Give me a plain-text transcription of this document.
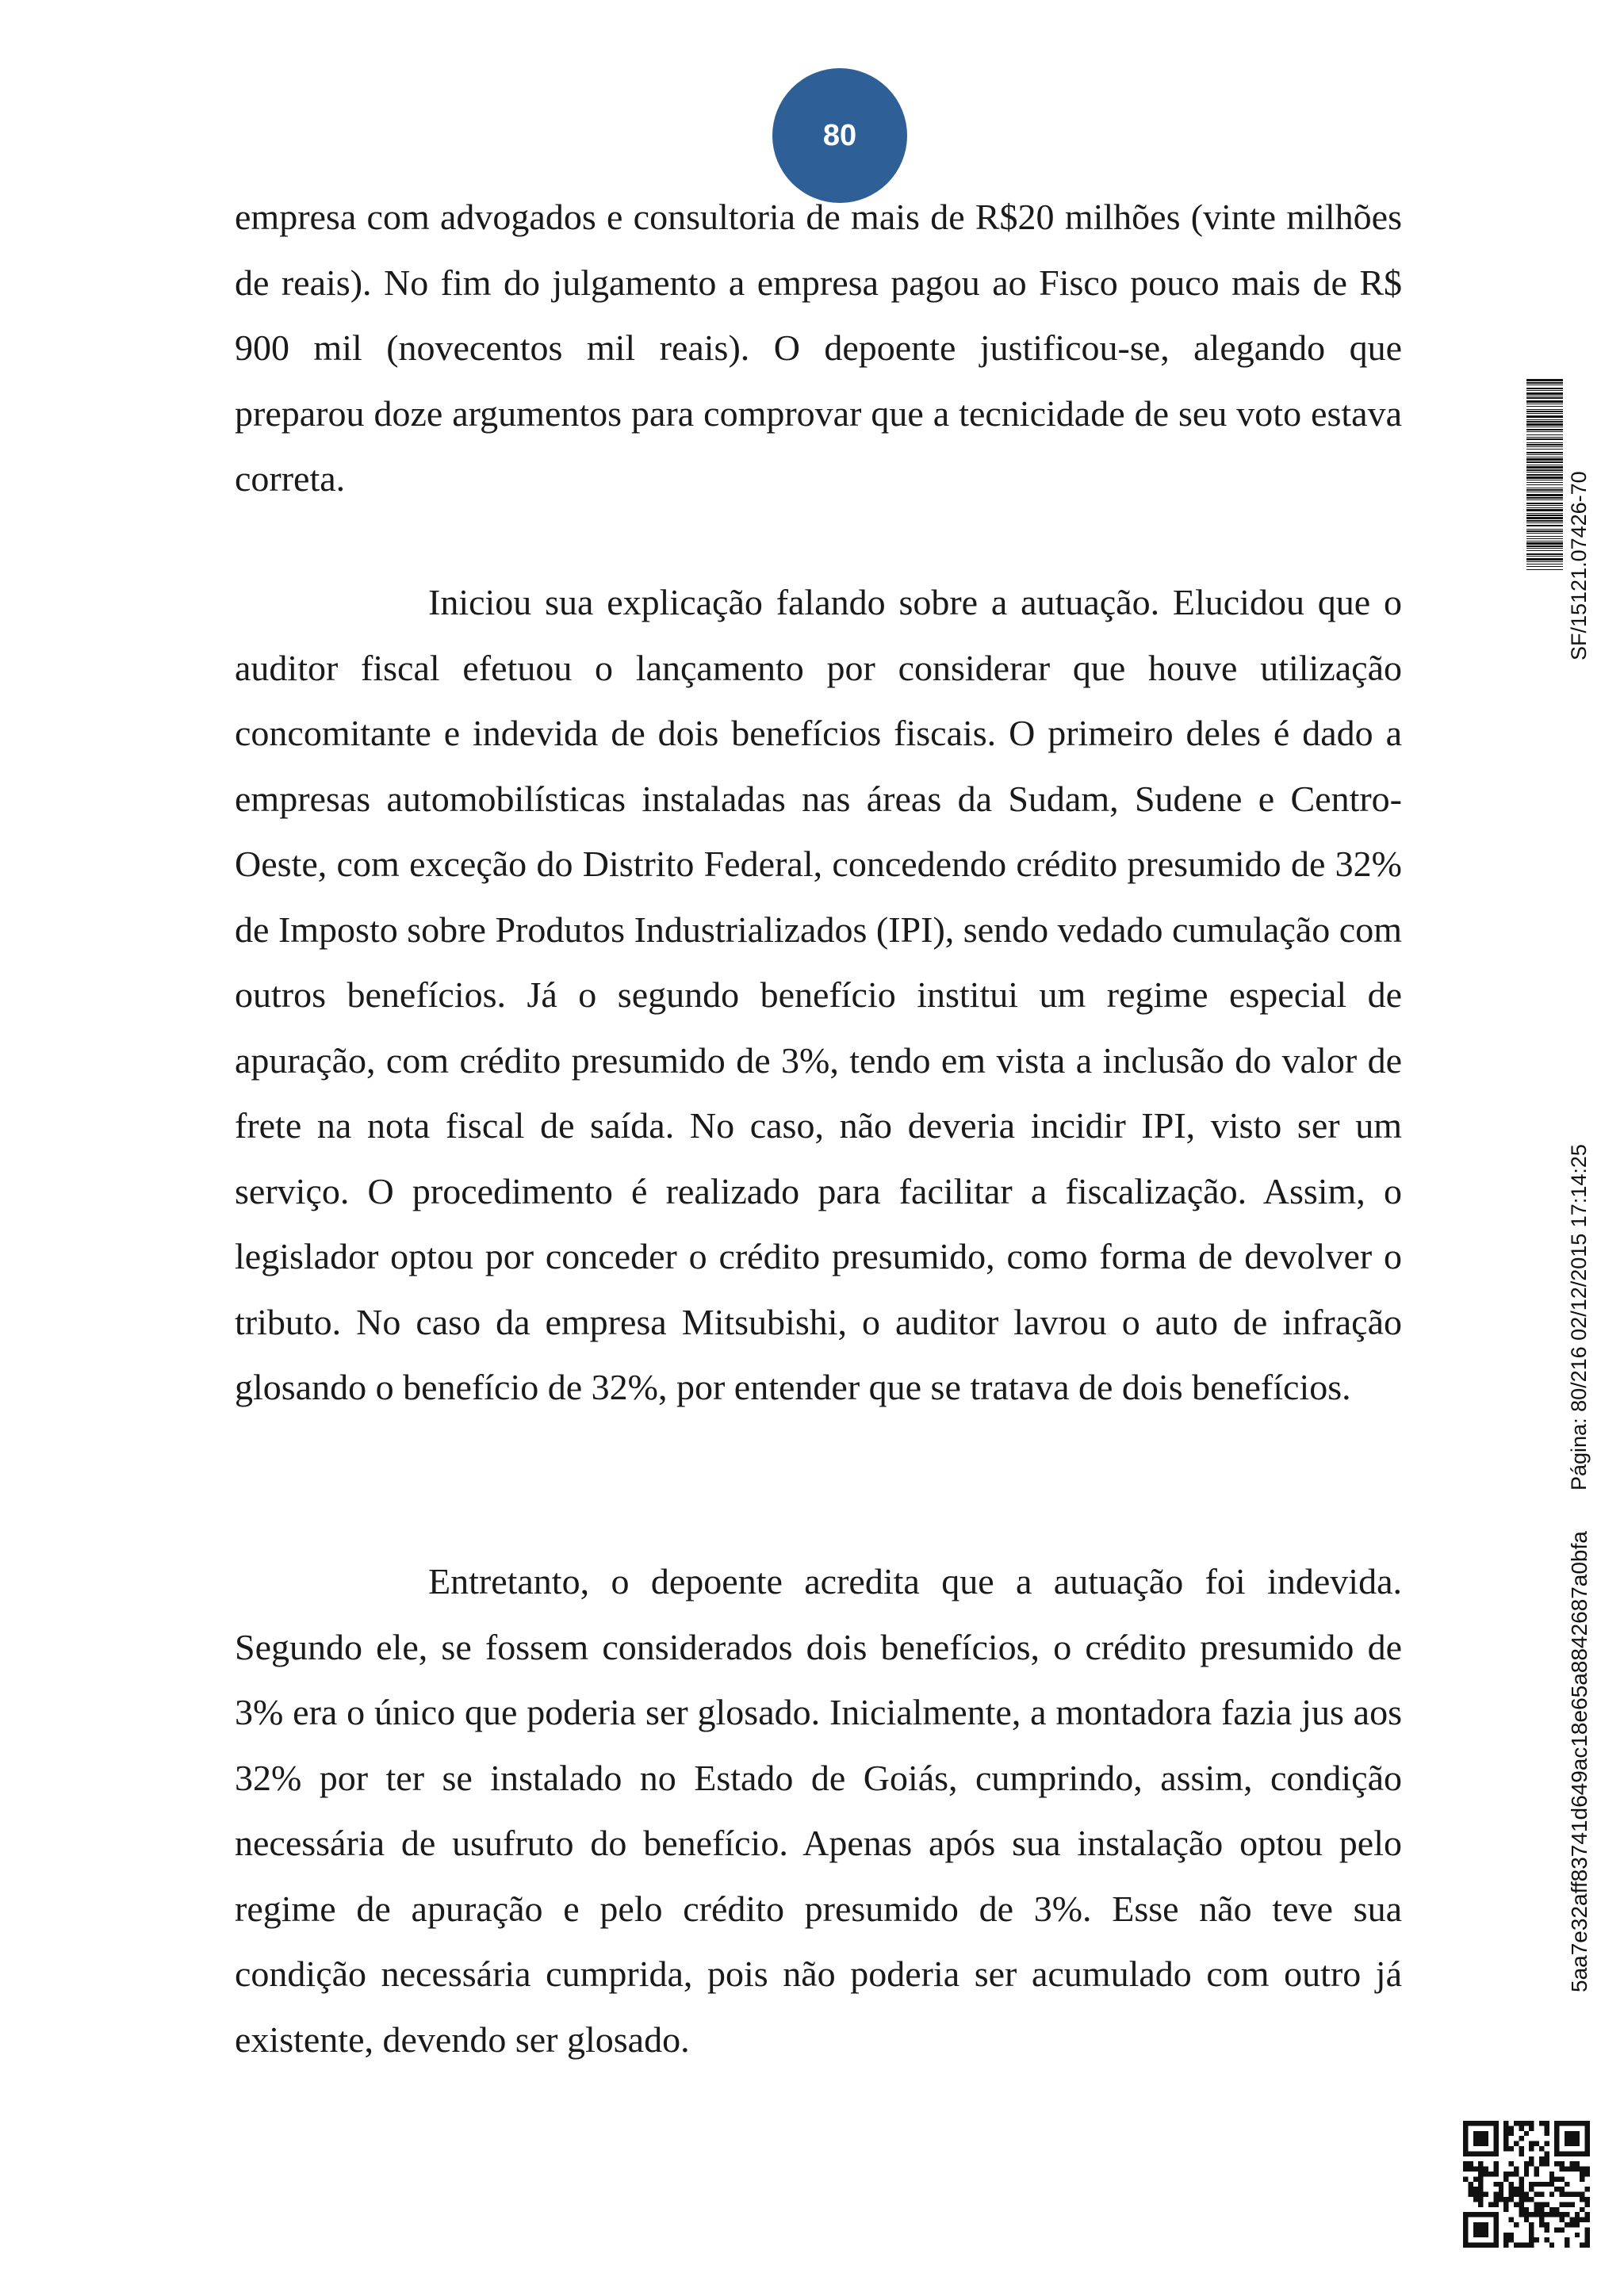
80

empresa com advogados e consultoria de mais de R$20 milhões (vinte milhões de reais). No fim do julgamento a empresa pagou ao Fisco pouco mais de R$ 900 mil (novecentos mil reais). O depoente justificou-se, alegando que preparou doze argumentos para comprovar que a tecnicidade de seu voto estava correta.

Iniciou sua explicação falando sobre a autuação. Elucidou que o auditor fiscal efetuou o lançamento por considerar que houve utilização concomitante e indevida de dois benefícios fiscais. O primeiro deles é dado a empresas automobilísticas instaladas nas áreas da Sudam, Sudene e Centro-Oeste, com exceção do Distrito Federal, concedendo crédito presumido de 32% de Imposto sobre Produtos Industrializados (IPI), sendo vedado cumulação com outros benefícios. Já o segundo benefício institui um regime especial de apuração, com crédito presumido de 3%, tendo em vista a inclusão do valor de frete na nota fiscal de saída. No caso, não deveria incidir IPI, visto ser um serviço. O procedimento é realizado para facilitar a fiscalização. Assim, o legislador optou por conceder o crédito presumido, como forma de devolver o tributo. No caso da empresa Mitsubishi, o auditor lavrou o auto de infração glosando o benefício de 32%, por entender que se tratava de dois benefícios.

Entretanto, o depoente acredita que a autuação foi indevida. Segundo ele, se fossem considerados dois benefícios, o crédito presumido de 3% era o único que poderia ser glosado. Inicialmente, a montadora fazia jus aos 32% por ter se instalado no Estado de Goiás, cumprindo, assim, condição necessária de usufruto do benefício. Apenas após sua instalação optou pelo regime de apuração e pelo crédito presumido de 3%. Esse não teve sua condição necessária cumprida, pois não poderia ser acumulado com outro já existente, devendo ser glosado.

SF/15121.07426-70
Página: 80/216 02/12/2015 17:14:25
5aa7e32aff83741d649ac18e65a8842687a0bfa
